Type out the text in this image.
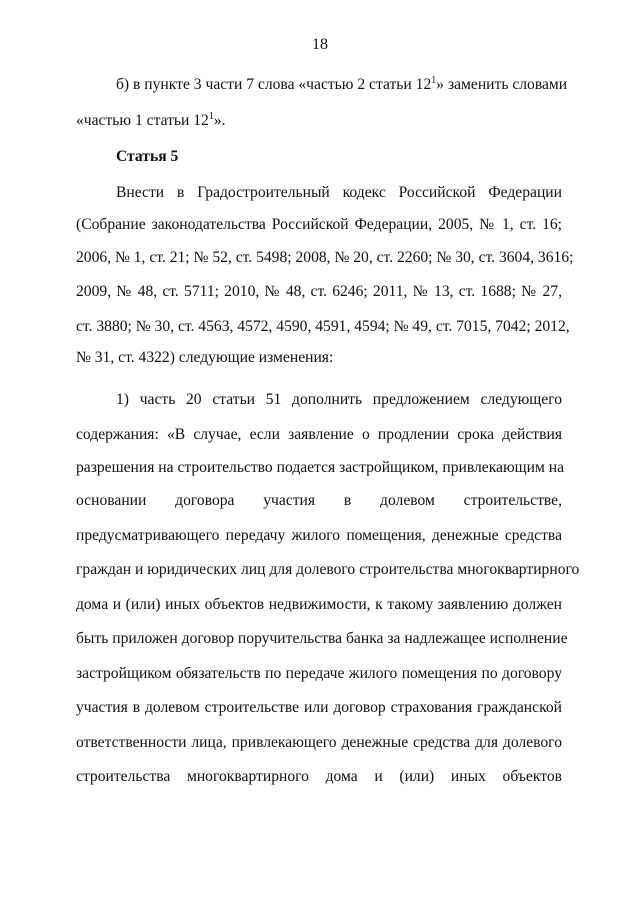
18
б) в пункте 3 части 7 слова «частью 2 статьи $12^1$» заменить словами
«частью 1 статьи $12^1$».
Статья 5
Внести в Градостроительный кодекс Российской Федерации
(Собрание законодательства Российской Федерации, 2005, № 1, ст. 16;
2006, № 1, ст. 21; № 52, ст. 5498; 2008, № 20, ст. 2260; № 30, ст. 3604, 3616;
2009, № 48, ст. 5711; 2010, № 48, ст. 6246; 2011, № 13, ст. 1688; № 27,
ст. 3880; № 30, ст. 4563, 4572, 4590, 4591, 4594; № 49, ст. 7015, 7042; 2012,
№ 31, ст. 4322) следующие изменения:
1) часть 20 статьи 51 дополнить предложением следующего
содержания: «В случае, если заявление о продлении срока действия
разрешения на строительство подается застройщиком, привлекающим на
основании договора участия в долевом строительстве,
предусматривающего передачу жилого помещения, денежные средства
граждан и юридических лиц для долевого строительства многоквартирного
дома и (или) иных объектов недвижимости, к такому заявлению должен
быть приложен договор поручительства банка за надлежащее исполнение
застройщиком обязательств по передаче жилого помещения по договору
участия в долевом строительстве или договор страхования гражданской
ответственности лица, привлекающего денежные средства для долевого
строительства многоквартирного дома и (или) иных объектов
